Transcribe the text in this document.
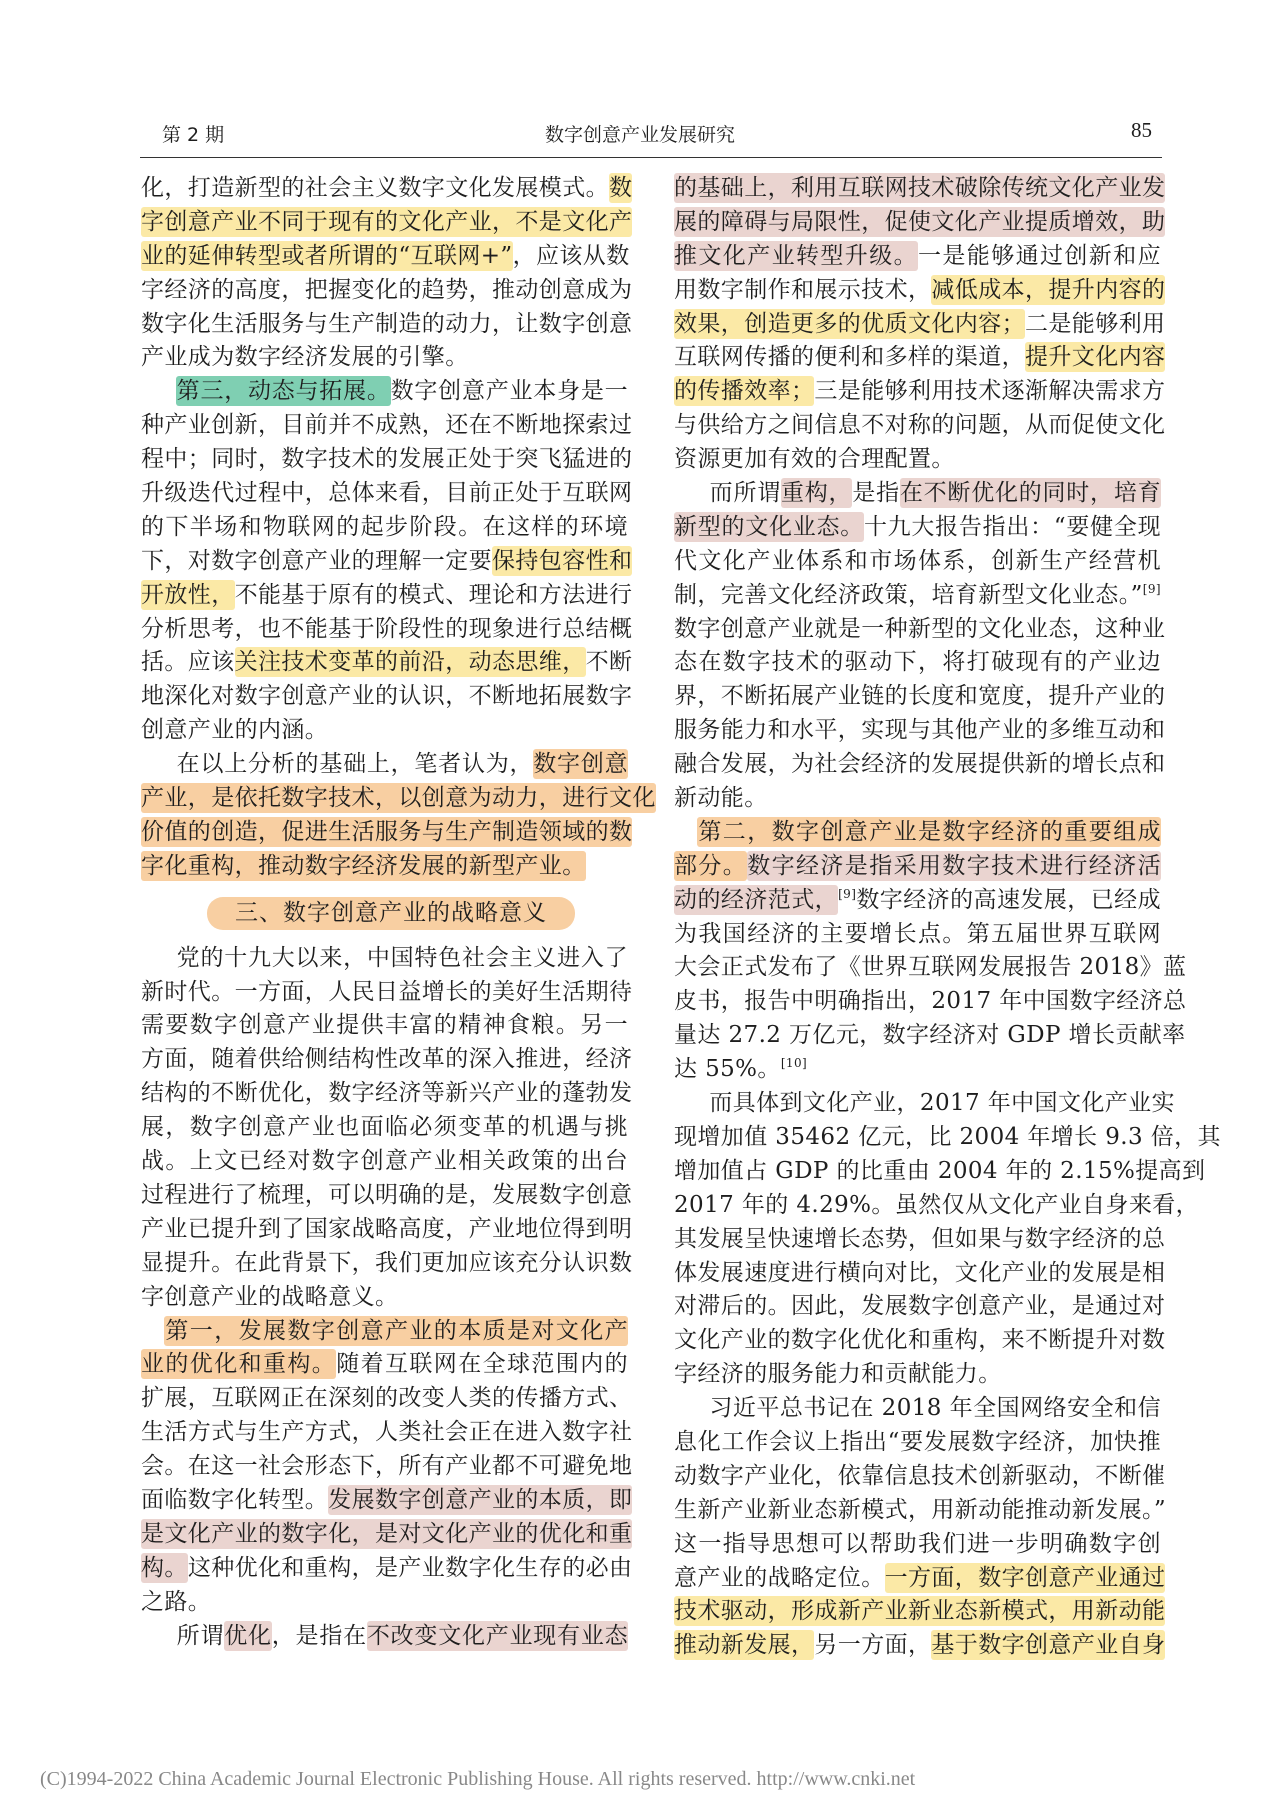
第 2 期	数字创意产业发展研究	85
化，打造新型的社会主义数字文化发展模式。数
字创意产业不同于现有的文化产业，不是文化产
业的延伸转型或者所谓的“互联网+”，应该从数
字经济的高度，把握变化的趋势，推动创意成为
数字化生活服务与生产制造的动力，让数字创意
产业成为数字经济发展的引擎。
  第三，动态与拓展。数字创意产业本身是一
种产业创新，目前并不成熟，还在不断地探索过
程中；同时，数字技术的发展正处于突飞猛进的
升级迭代过程中，总体来看，目前正处于互联网
的下半场和物联网的起步阶段。在这样的环境
下，对数字创意产业的理解一定要保持包容性和
开放性，不能基于原有的模式、理论和方法进行
分析思考，也不能基于阶段性的现象进行总结概
括。应该关注技术变革的前沿，动态思维，不断
地深化对数字创意产业的认识，不断地拓展数字
创意产业的内涵。
  在以上分析的基础上，笔者认为，数字创意
产业，是依托数字技术，以创意为动力，进行文化
价值的创造，促进生活服务与生产制造领域的数
字化重构，推动数字经济发展的新型产业。
三、数字创意产业的战略意义
  党的十九大以来，中国特色社会主义进入了
新时代。一方面，人民日益增长的美好生活期待
需要数字创意产业提供丰富的精神食粮。另一
方面，随着供给侧结构性改革的深入推进，经济
结构的不断优化，数字经济等新兴产业的蓬勃发
展，数字创意产业也面临必须变革的机遇与挑
战。上文已经对数字创意产业相关政策的出台
过程进行了梳理，可以明确的是，发展数字创意
产业已提升到了国家战略高度，产业地位得到明
显提升。在此背景下，我们更加应该充分认识数
字创意产业的战略意义。
 第一，发展数字创意产业的本质是对文化产
业的优化和重构。随着互联网在全球范围内的
扩展，互联网正在深刻的改变人类的传播方式、
生活方式与生产方式，人类社会正在进入数字社
会。在这一社会形态下，所有产业都不可避免地
面临数字化转型。发展数字创意产业的本质，即
是文化产业的数字化，是对文化产业的优化和重
构。这种优化和重构，是产业数字化生存的必由
之路。
  所谓优化，是指在不改变文化产业现有业态
的基础上，利用互联网技术破除传统文化产业发
展的障碍与局限性，促使文化产业提质增效，助
推文化产业转型升级。一是能够通过创新和应
用数字制作和展示技术，减低成本，提升内容的
效果，创造更多的优质文化内容；二是能够利用
互联网传播的便利和多样的渠道，提升文化内容
的传播效率；三是能够利用技术逐渐解决需求方
与供给方之间信息不对称的问题，从而促使文化
资源更加有效的合理配置。
  而所谓重构，是指在不断优化的同时，培育
新型的文化业态。十九大报告指出：“要健全现
代文化产业体系和市场体系，创新生产经营机
制，完善文化经济政策，培育新型文化业态。”[9]
数字创意产业就是一种新型的文化业态，这种业
态在数字技术的驱动下，将打破现有的产业边
界，不断拓展产业链的长度和宽度，提升产业的
服务能力和水平，实现与其他产业的多维互动和
融合发展，为社会经济的发展提供新的增长点和
新动能。
 第二，数字创意产业是数字经济的重要组成
部分。数字经济是指采用数字技术进行经济活
动的经济范式，[9]数字经济的高速发展，已经成
为我国经济的主要增长点。第五届世界互联网
大会正式发布了《世界互联网发展报告 2018》蓝
皮书，报告中明确指出，2017 年中国数字经济总
量达 27.2 万亿元，数字经济对 GDP 增长贡献率
达 55%。[10]
  而具体到文化产业，2017 年中国文化产业实
现增加值 35462 亿元，比 2004 年增长 9.3 倍，其
增加值占 GDP 的比重由 2004 年的 2.15%提高到
2017 年的 4.29%。虽然仅从文化产业自身来看，
其发展呈快速增长态势，但如果与数字经济的总
体发展速度进行横向对比，文化产业的发展是相
对滞后的。因此，发展数字创意产业，是通过对
文化产业的数字化优化和重构，来不断提升对数
字经济的服务能力和贡献能力。
  习近平总书记在 2018 年全国网络安全和信
息化工作会议上指出“要发展数字经济，加快推
动数字产业化，依靠信息技术创新驱动，不断催
生新产业新业态新模式，用新动能推动新发展。”
这一指导思想可以帮助我们进一步明确数字创
意产业的战略定位。一方面，数字创意产业通过
技术驱动，形成新产业新业态新模式，用新动能
推动新发展，另一方面，基于数字创意产业自身
(C)1994-2022 China Academic Journal Electronic Publishing House. All rights reserved. http://www.cnki.net
